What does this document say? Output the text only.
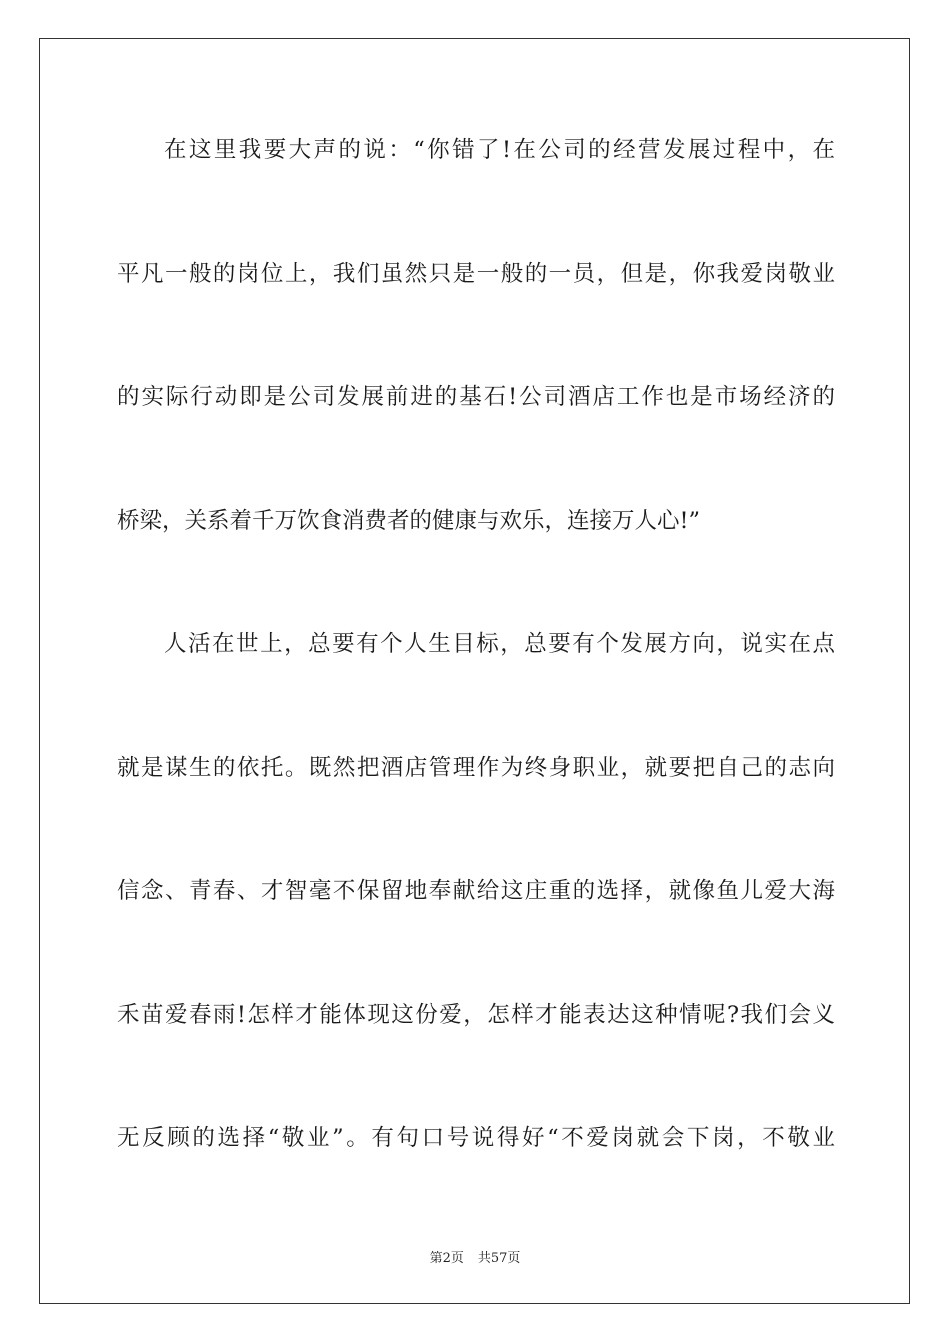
在这里我要大声的说：“你错了!在公司的经营发展过程中，在
平凡一般的岗位上，我们虽然只是一般的一员，但是，你我爱岗敬业
的实际行动即是公司发展前进的基石!公司酒店工作也是市场经济的
桥梁，关系着千万饮食消费者的健康与欢乐，连接万人心!”
人活在世上，总要有个人生目标，总要有个发展方向，说实在点
就是谋生的依托。既然把酒店管理作为终身职业，就要把自己的志向
信念、青春、才智毫不保留地奉献给这庄重的选择，就像鱼儿爱大海
禾苗爱春雨!怎样才能体现这份爱，怎样才能表达这种情呢?我们会义
无反顾的选择“敬业”。有句口号说得好“不爱岗就会下岗，不敬业
第2页 共57页
